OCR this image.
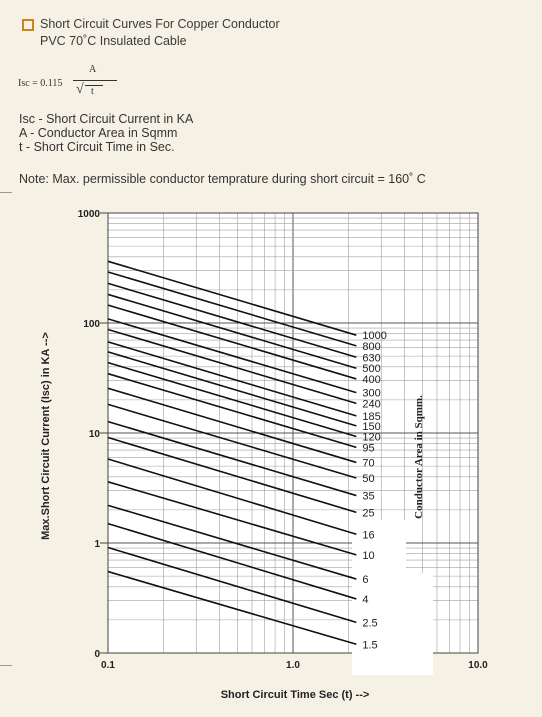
Short Circuit Curves For Copper Conductor
PVC 70˚C Insulated Cable
Isc = 0.115
A
√ t
Isc - Short Circuit Current in KA
A - Conductor Area in Sqmm
t - Short Circuit Time in Sec.
Note: Max. permissible conductor temprature during short circuit = 160˚ C
1000
800
630
500
400
300
240
185
150
120
95
70
50
35
25
16
10
6
4
2.5
1.5
1000
100
10
1
0
0.1	1.0	10.0
Max.Short Circuit Current (Isc) in KA -->
Short Circuit Time Sec (t) -->
Conductor Area in Sqmm.
